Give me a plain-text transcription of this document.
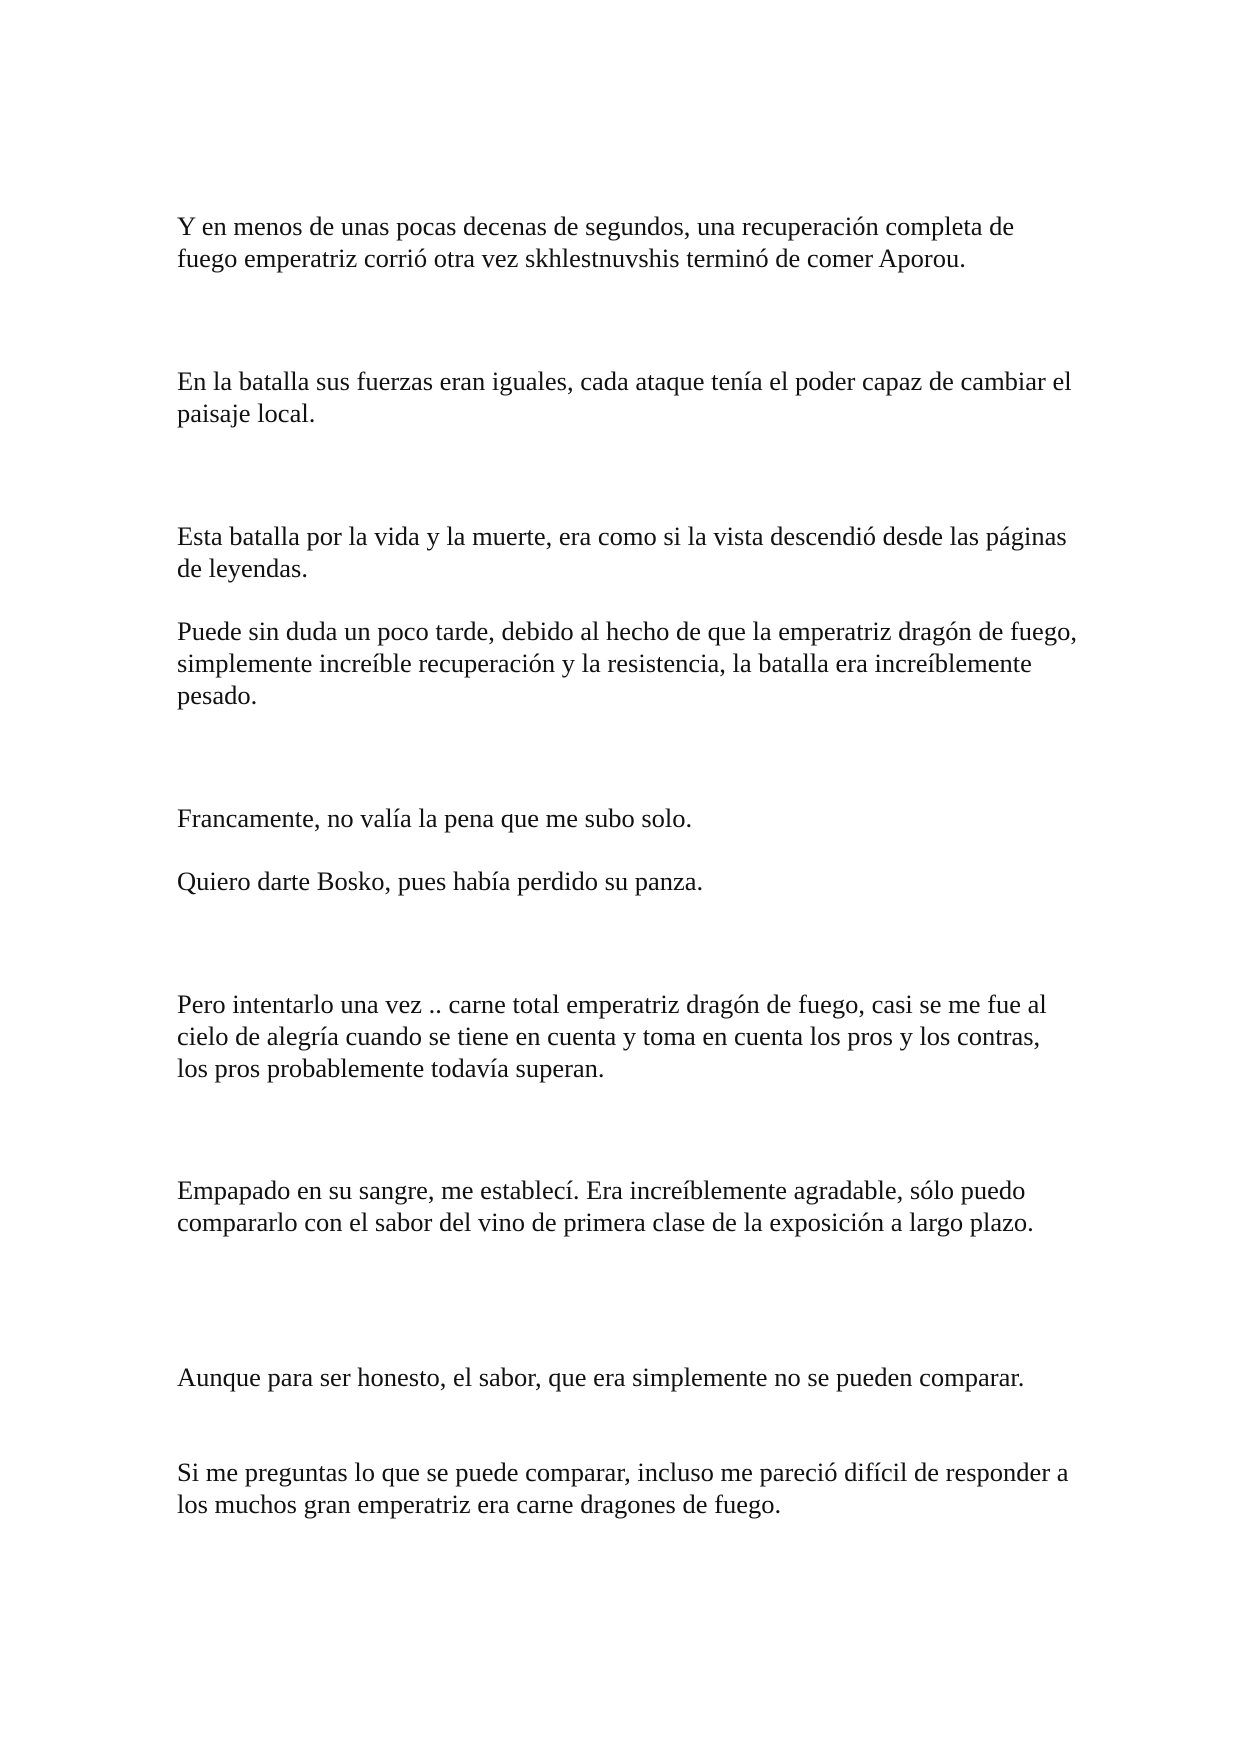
Y en menos de unas pocas decenas de segundos, una recuperación completa de fuego emperatriz corrió otra vez skhlestnuvshis terminó de comer Aporou.

En la batalla sus fuerzas eran iguales, cada ataque tenía el poder capaz de cambiar el paisaje local.

Esta batalla por la vida y la muerte, era como si la vista descendió desde las páginas de leyendas.

Puede sin duda un poco tarde, debido al hecho de que la emperatriz dragón de fuego, simplemente increíble recuperación y la resistencia, la batalla era increíblemente pesado.

Francamente, no valía la pena que me subo solo.

Quiero darte Bosko, pues había perdido su panza.

Pero intentarlo una vez .. carne total emperatriz dragón de fuego, casi se me fue al cielo de alegría cuando se tiene en cuenta y toma en cuenta los pros y los contras, los pros probablemente todavía superan.

Empapado en su sangre, me establecí. Era increíblemente agradable, sólo puedo compararlo con el sabor del vino de primera clase de la exposición a largo plazo.

Aunque para ser honesto, el sabor, que era simplemente no se pueden comparar.

Si me preguntas lo que se puede comparar, incluso me pareció difícil de responder a los muchos gran emperatriz era carne dragones de fuego.
